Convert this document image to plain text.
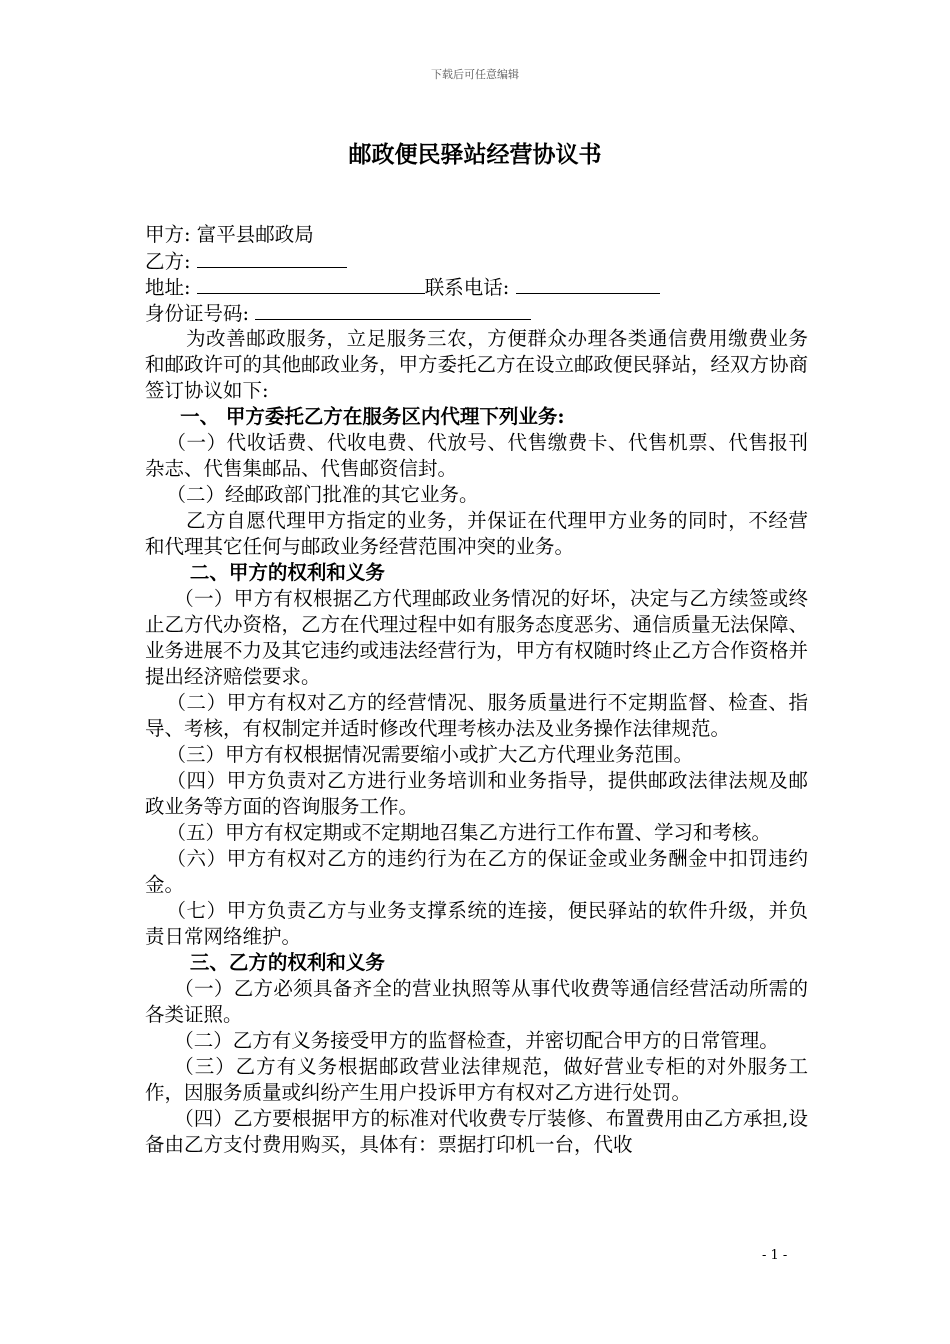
下载后可任意编辑
邮政便民驿站经营协议书
甲方: 富平县邮政局
乙方:
地址:	联系电话:
身份证号码:

为改善邮政服务，立足服务三农，方便群众办理各类通信费用缴费业务和邮政许可的其他邮政业务，甲方委托乙方在设立邮政便民驿站，经双方协商签订协议如下:

一、 甲方委托乙方在服务区内代理下列业务:

（一）代收话费、代收电费、代放号、代售缴费卡、代售机票、代售报刊杂志、代售集邮品、代售邮资信封。

（二）经邮政部门批准的其它业务。

乙方自愿代理甲方指定的业务，并保证在代理甲方业务的同时，不经营和代理其它任何与邮政业务经营范围冲突的业务。

二、甲方的权利和义务

（一）甲方有权根据乙方代理邮政业务情况的好坏，决定与乙方续签或终止乙方代办资格，乙方在代理过程中如有服务态度恶劣、通信质量无法保障、业务进展不力及其它违约或违法经营行为，甲方有权随时终止乙方合作资格并提出经济赔偿要求。

（二）甲方有权对乙方的经营情况、服务质量进行不定期监督、检查、指导、考核，有权制定并适时修改代理考核办法及业务操作法律规范。

（三）甲方有权根据情况需要缩小或扩大乙方代理业务范围。

（四）甲方负责对乙方进行业务培训和业务指导，提供邮政法律法规及邮政业务等方面的咨询服务工作。

（五）甲方有权定期或不定期地召集乙方进行工作布置、学习和考核。

（六）甲方有权对乙方的违约行为在乙方的保证金或业务酬金中扣罚违约金。

（七）甲方负责乙方与业务支撑系统的连接，便民驿站的软件升级，并负责日常网络维护。

三、乙方的权利和义务

（一）乙方必须具备齐全的营业执照等从事代收费等通信经营活动所需的各类证照。

（二）乙方有义务接受甲方的监督检查，并密切配合甲方的日常管理。

（三）乙方有义务根据邮政营业法律规范，做好营业专柜的对外服务工作，因服务质量或纠纷产生用户投诉甲方有权对乙方进行处罚。

（四）乙方要根据甲方的标准对代收费专厅装修、布置费用由乙方承担,设备由乙方支付费用购买，具体有：票据打印机一台，代收

- 1 -
